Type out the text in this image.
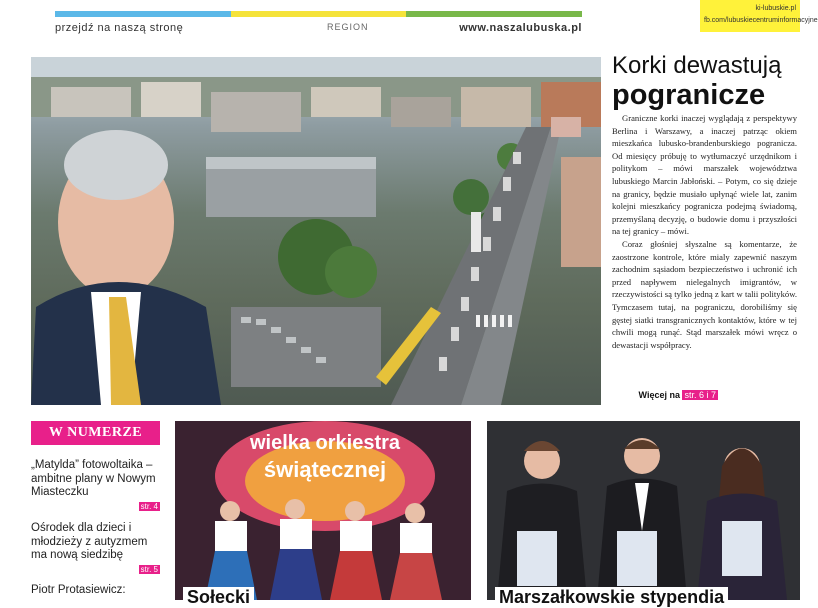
przejdź na naszą stronę	REGION	www.naszalubuska.pl
ki-lubuskie.pl
fb.com/lubuskiecentruminformacyjne
Korki dewastują
pogranicze

Graniczne korki inaczej wyglądają z perspektywy Berlina i Warszawy, a inaczej patrząc okiem mieszkańca lubusko-brandenburskiego pogranicza. Od miesięcy próbuję to wytłumaczyć urzędnikom i politykom – mówi marszałek województwa lubuskiego Marcin Jabłoński. – Potym, co się dzieje na granicy, będzie musiało upłynąć wiele lat, zanim kolejni mieszkańcy pogranicza podejmą świadomą, przemyślaną decyzję, o budowie domu i przyszłości na tej granicy – mówi.

Coraz głośniej słyszalne są komentarze, że zaostrzone kontrole, które mialy zapewnić naszym zachodnim sąsiadom bezpieczeństwo i uchronić ich przed napływem nielegalnych imigrantów, w rzeczywistości są tylko jedną z kart w talii polityków. Tymczasem tutaj, na pograniczu, dorobiliśmy się gęstej siatki transgranicznych kontaktów, które w tej chwili mogą runąć. Stąd marszałek mówi wręcz o dewastacji współpracy.

Więcej na str. 6 i 7
W NUMERZE
„Matylda” fotowoltaika – ambitne plany w Nowym Miasteczku
str. 4
Ośrodek dla dzieci i młodzieży z autyzmem ma nową siedzibę
str. 5
Piotr Protasiewicz:
wielka orkiestra
świątecznej
Sołecki	Marszałkowskie stypendia
